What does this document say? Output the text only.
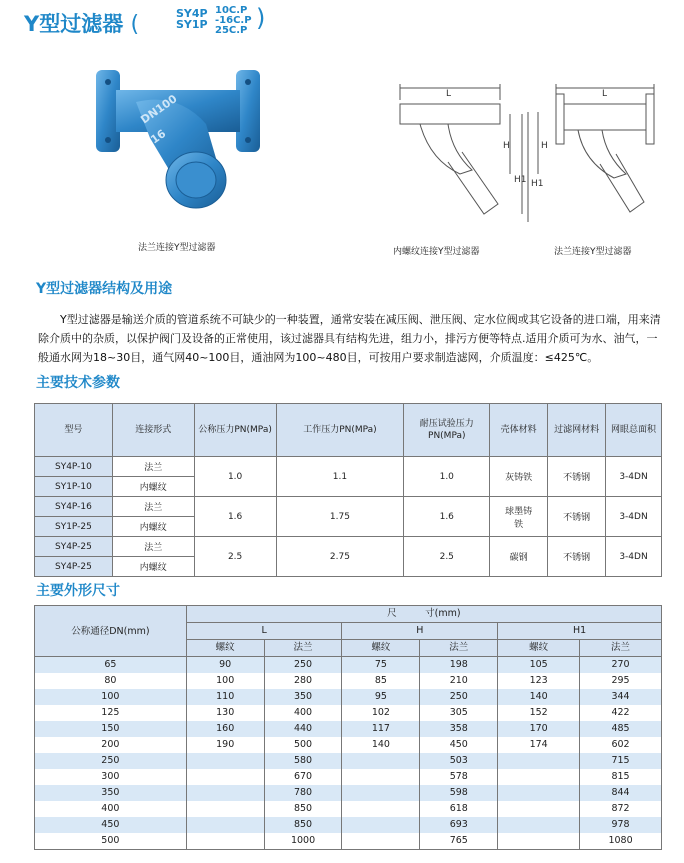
Y型过滤器 (	SY4P
SY1P
10C.P
-16C.P
25C.P )
DN100
16
法兰连接Y型过滤器
L
H
H1
内螺纹连接Y型过滤器
L
H
H1
法兰连接Y型过滤器
Y型过滤器结构及用途
Y型过滤器是输送介质的管道系统不可缺少的一种装置，通常安装在减压阀、泄压阀、定水位阀或其它设备的进口端，用来清除介质中的杂质，以保护阀门及设备的正常使用，该过滤器具有结构先进，组力小，排污方便等特点.适用介质可为水、油气，一般通水网为18~30目，通气网40~100目，通油网为100~480目，可按用户要求制造滤网，介质温度：≤425℃。
主要技术参数
型号	连接形式	公称压力PN(MPa)	工作压力PN(MPa)	耐压试验压力PN(MPa)	壳体材料	过滤网材料	网眼总面积
SY4P-10	法兰	1.0	1.1	1.0	灰铸铁	不锈钢	3-4DN
SY1P-10	内螺纹						
SY4P-16	法兰	1.6	1.75	1.6	球墨铸铁	不锈钢	3-4DN
SY1P-25	内螺纹						
SY4P-25	法兰	2.5	2.75	2.5	碳钢	不锈钢	3-4DN
SY4P-25	内螺纹						
主要外形尺寸
公称通径DN(mm)	尺　　　寸(mm)					
	L		H		H1	
	螺纹	法兰	螺纹	法兰	螺纹	法兰
65	90	250	75	198	105	270
80	100	280	85	210	123	295
100	110	350	95	250	140	344
125	130	400	102	305	152	422
150	160	440	117	358	170	485
200	190	500	140	450	174	602
250		580		503		715
300		670		578		815
350		780		598		844
400		850		618		872
450		850		693		978
500		1000		765		1080
